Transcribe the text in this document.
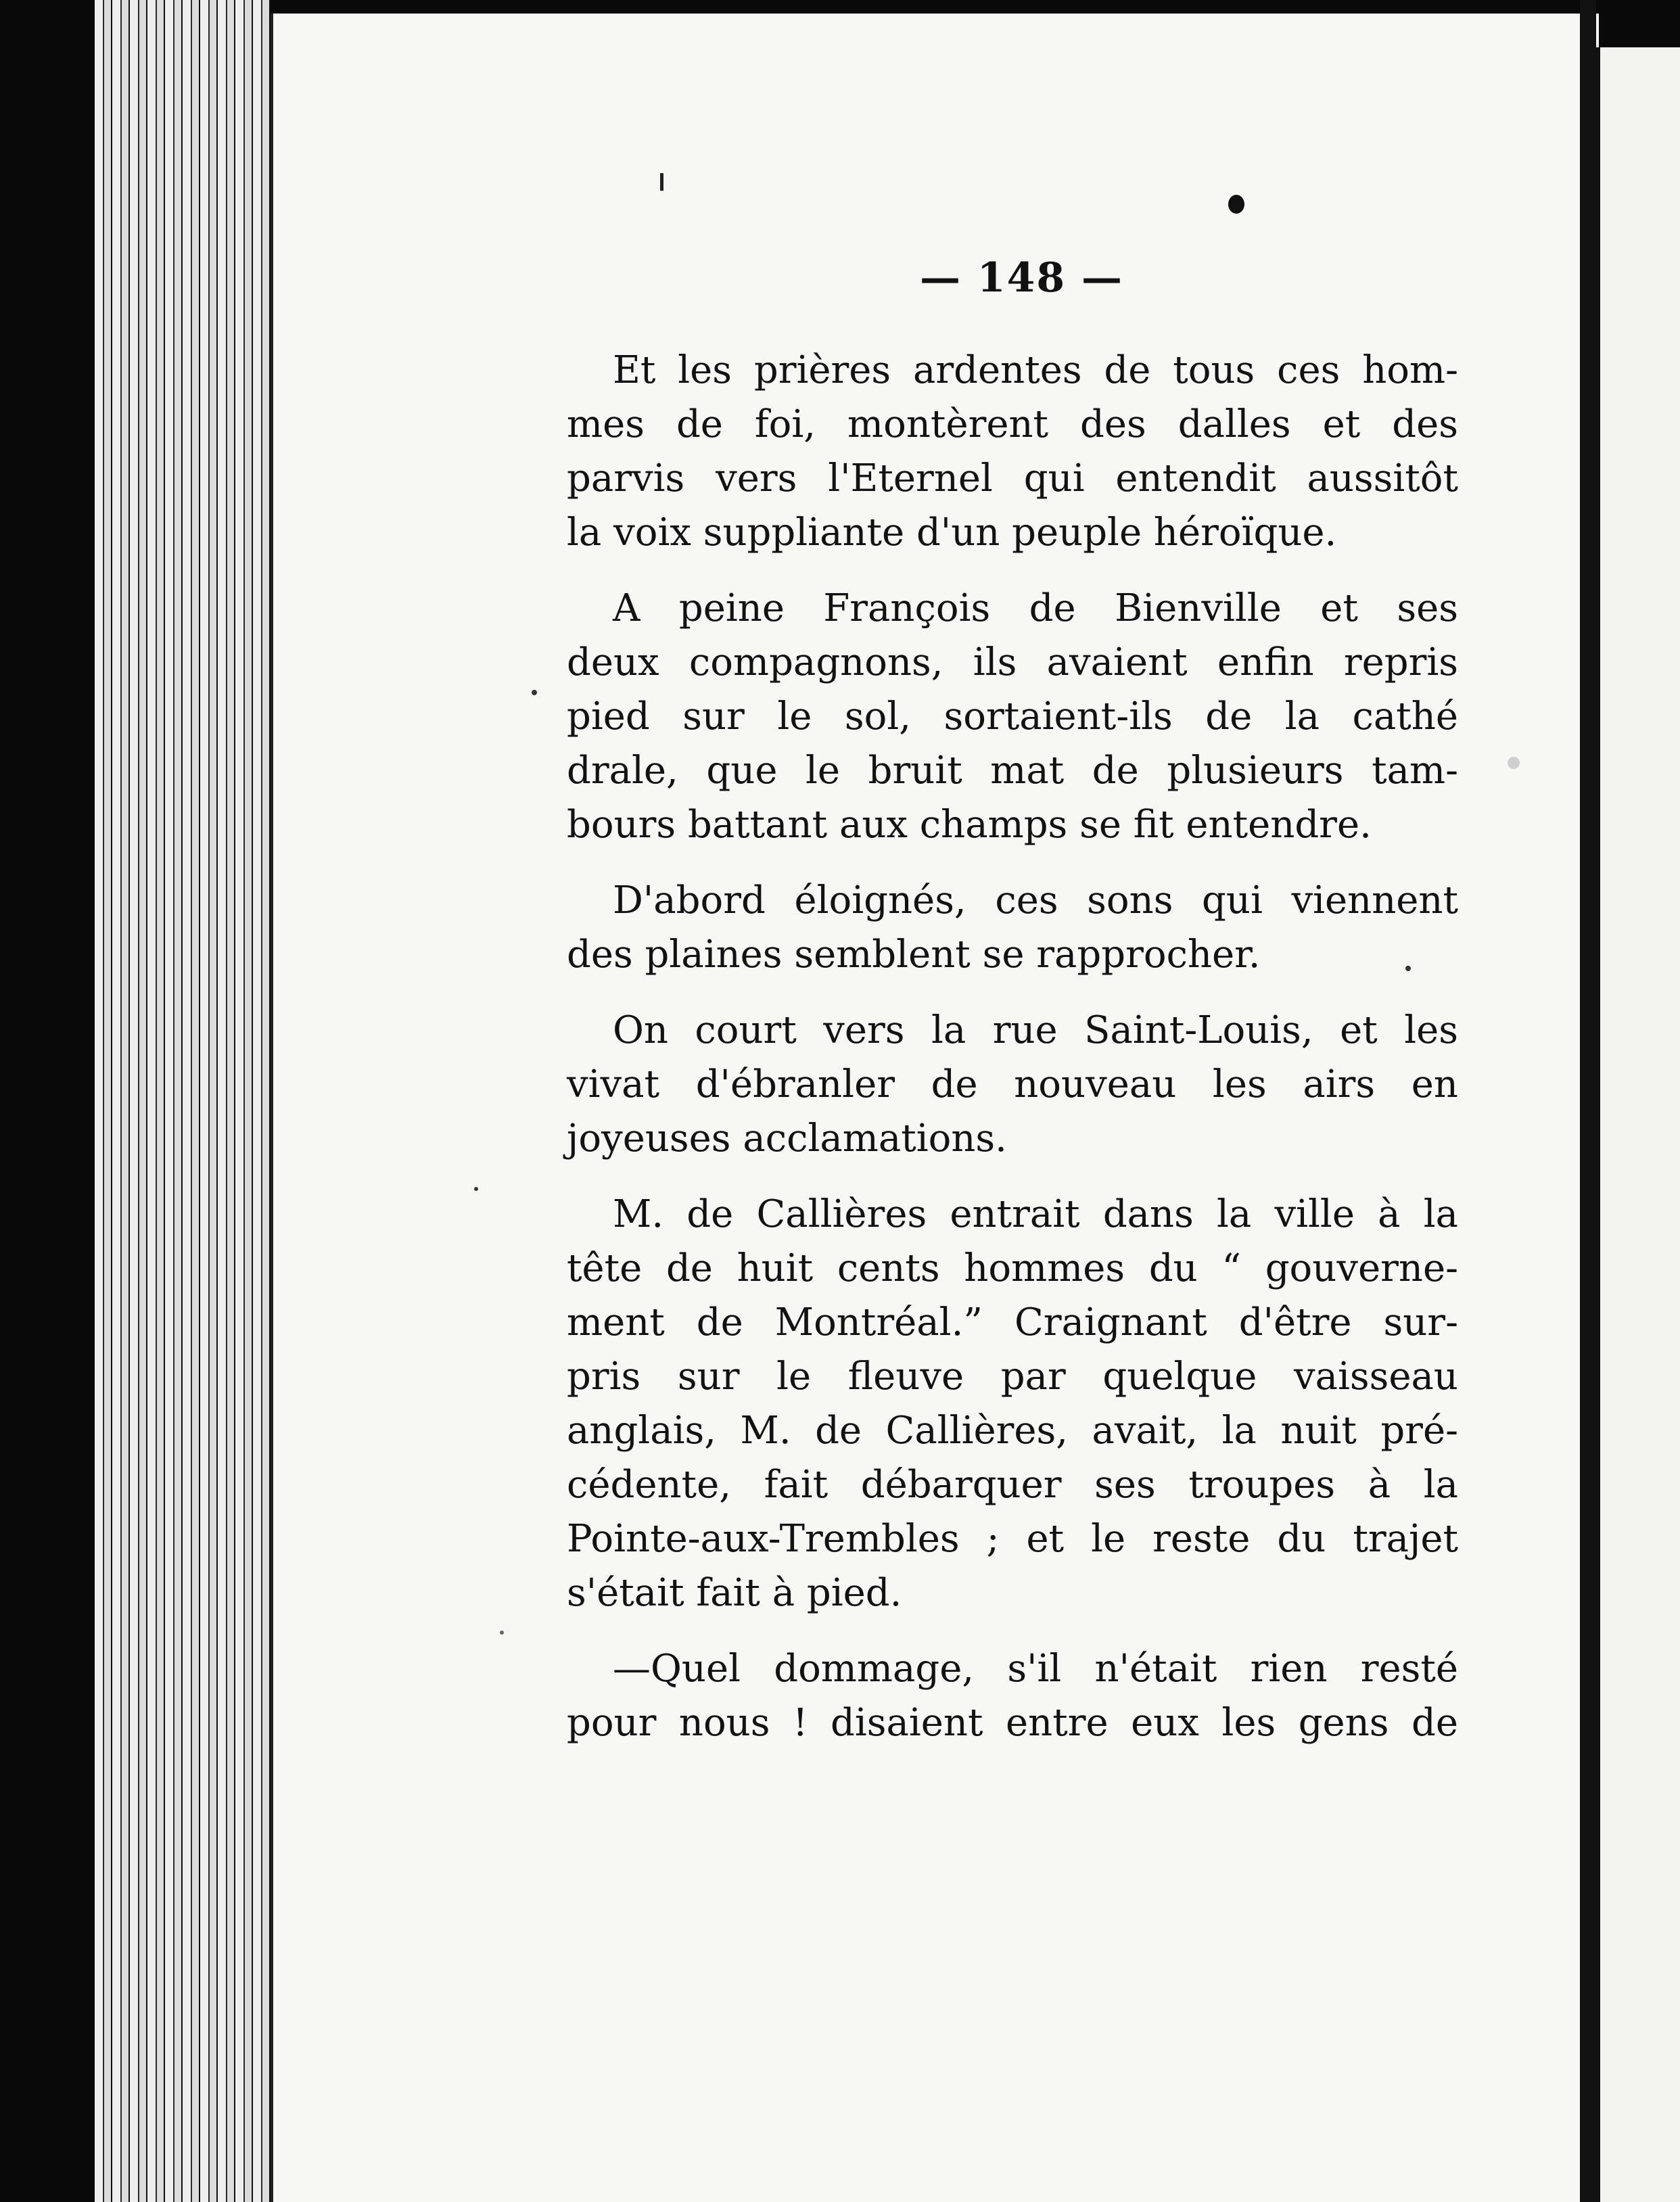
— 148 —
Et les prières ardentes de tous ces hom-
mes de foi, montèrent des dalles et des
parvis vers l'Eternel qui entendit aussitôt
la voix suppliante d'un peuple héroïque.
A peine François de Bienville et ses
deux compagnons, ils avaient enfin repris
pied sur le sol, sortaient-ils de la cathé
drale, que le bruit mat de plusieurs tam-
bours battant aux champs se fit entendre.
D'abord éloignés, ces sons qui viennent
des plaines semblent se rapprocher.
On court vers la rue Saint-Louis, et les
vivat d'ébranler de nouveau les airs en
joyeuses acclamations.
M. de Callières entrait dans la ville à la
tête de huit cents hommes du “ gouverne-
ment de Montréal.” Craignant d'être sur-
pris sur le fleuve par quelque vaisseau
anglais, M. de Callières, avait, la nuit pré-
cédente, fait débarquer ses troupes à la
Pointe-aux-Trembles ; et le reste du trajet
s'était fait à pied.
—Quel dommage, s'il n'était rien resté
pour nous ! disaient entre eux les gens de
